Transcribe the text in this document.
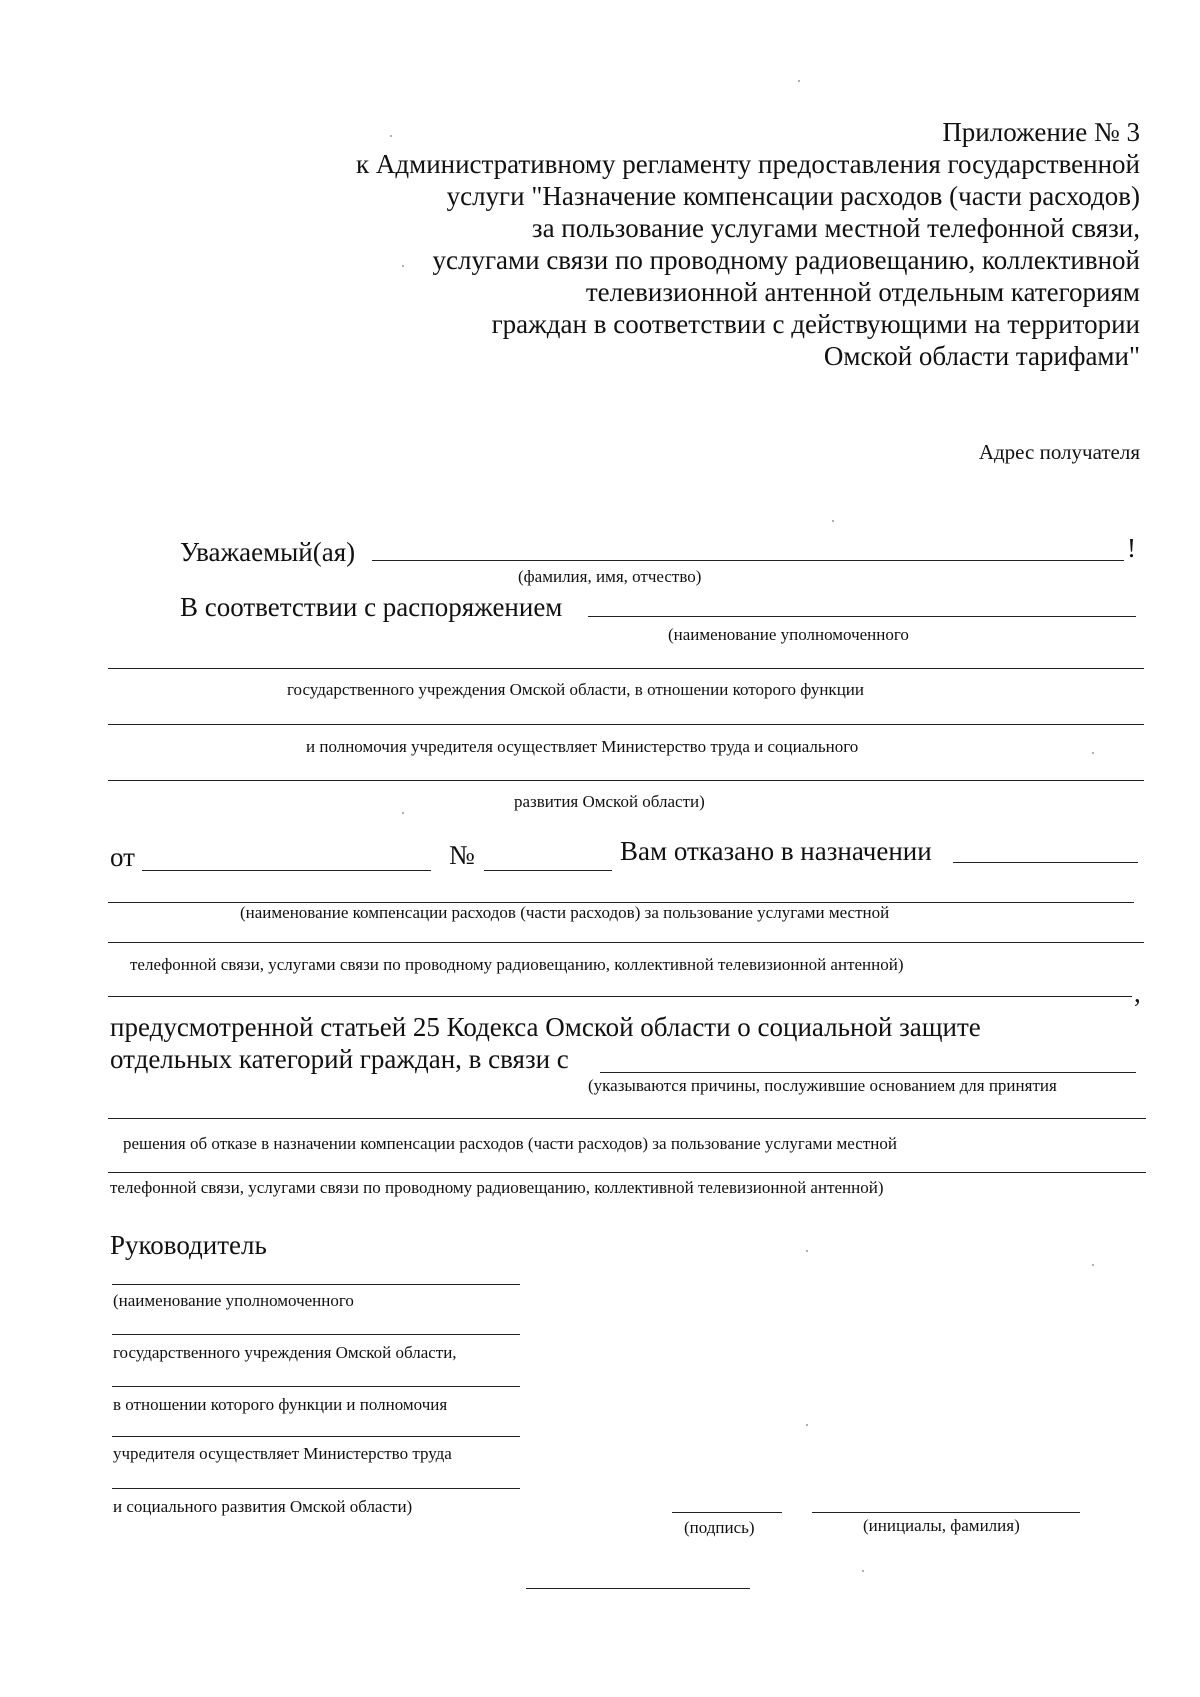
Приложение № 3
к Административному регламенту предоставления государственной
услуги "Назначение компенсации расходов (части расходов)
за пользование услугами местной телефонной связи,
услугами связи по проводному радиовещанию, коллективной
телевизионной антенной отдельным категориям
граждан в соответствии с действующими на территории
Омской области тарифами"
Адрес получателя
Уважаемый(ая)	!
(фамилия, имя, отчество)
В соответствии с распоряжением
(наименование уполномоченного
государственного учреждения Омской области, в отношении которого функции
и полномочия учредителя осуществляет Министерство труда и социального
развития Омской области)
от	№	Вам отказано в назначении
(наименование компенсации расходов (части расходов) за пользование услугами местной
телефонной связи, услугами связи по проводному радиовещанию, коллективной телевизионной антенной)
,
предусмотренной статьей 25 Кодекса Омской области о социальной защите
отдельных категорий граждан, в связи с
(указываются причины, послужившие основанием для принятия
решения об отказе в назначении компенсации расходов (части расходов) за пользование услугами местной
телефонной связи, услугами связи по проводному радиовещанию, коллективной телевизионной антенной)
Руководитель
(наименование уполномоченного
государственного учреждения Омской области,
в отношении которого функции и полномочия
учредителя осуществляет Министерство труда
и социального развития Омской области)
(подпись)	(инициалы, фамилия)
